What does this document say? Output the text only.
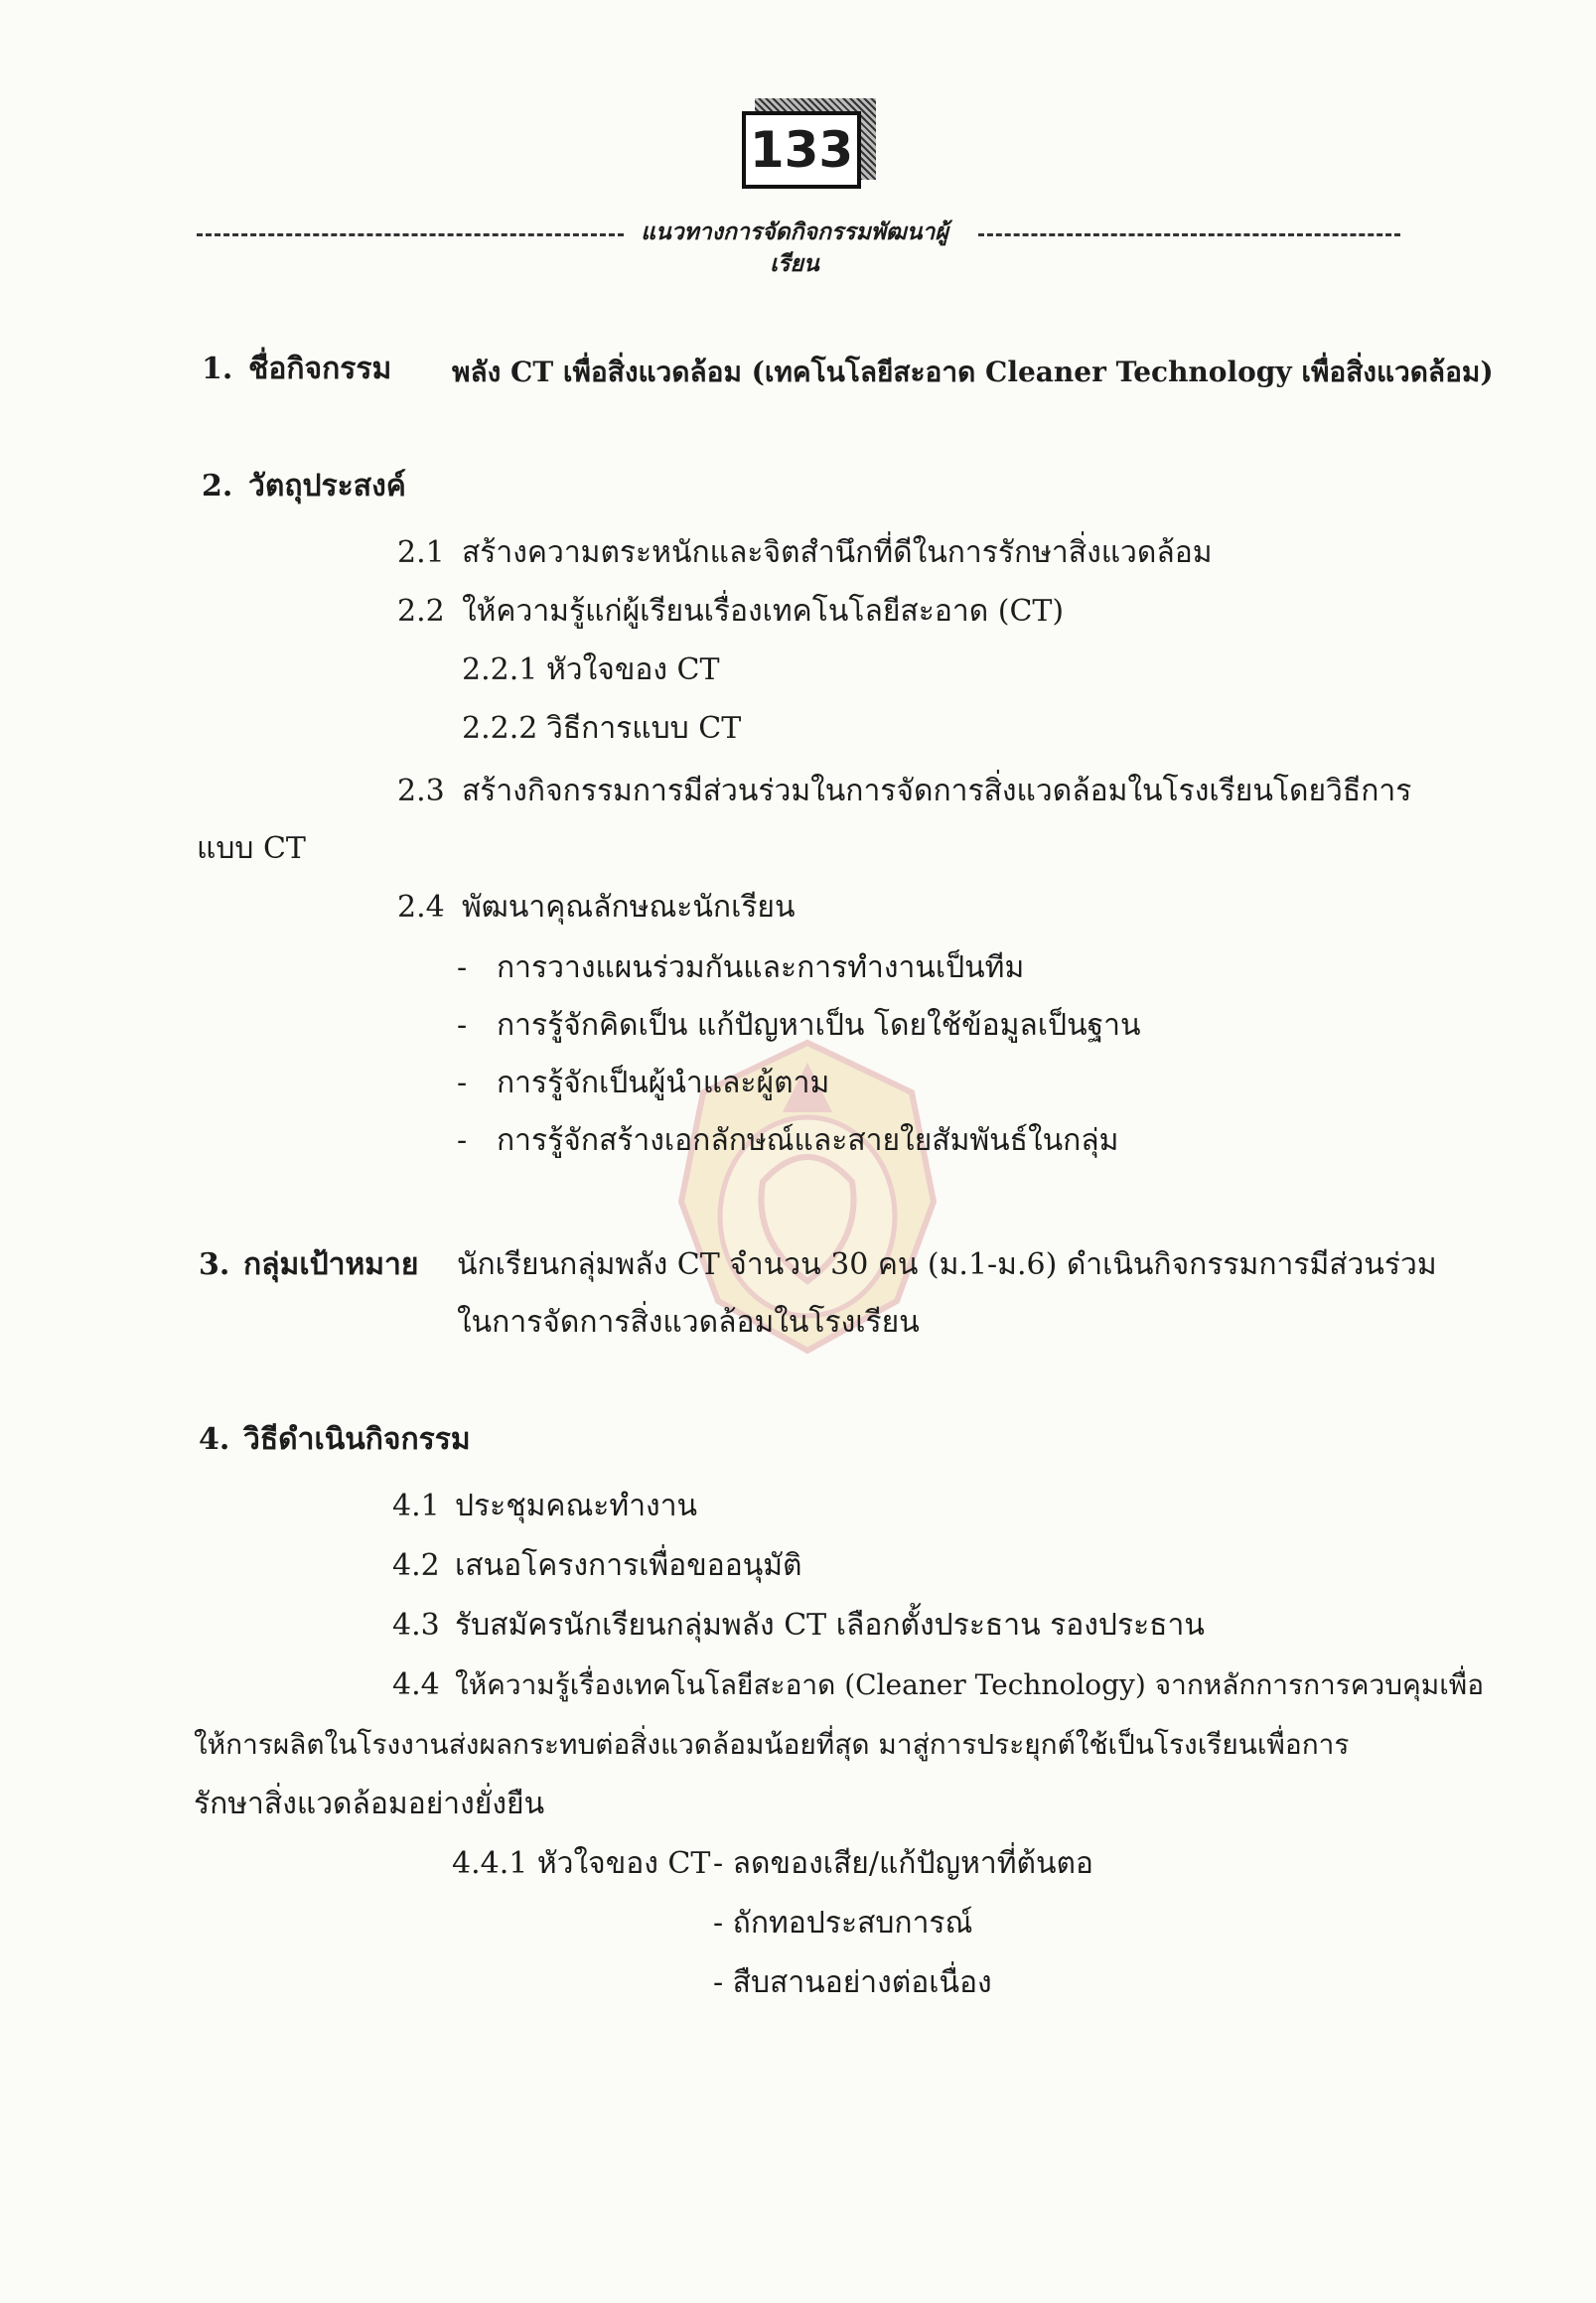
133
แนวทางการจัดกิจกรรมพัฒนาผู้เรียน
1. ชื่อกิจกรรม พลัง CT เพื่อสิ่งแวดล้อม (เทคโนโลยีสะอาด Cleaner Technology เพื่อสิ่งแวดล้อม)
2. วัตถุประสงค์
2.1 สร้างความตระหนักและจิตสำนึกที่ดีในการรักษาสิ่งแวดล้อม
2.2 ให้ความรู้แก่ผู้เรียนเรื่องเทคโนโลยีสะอาด (CT)
2.2.1 หัวใจของ CT
2.2.2 วิธีการแบบ CT
2.3 สร้างกิจกรรมการมีส่วนร่วมในการจัดการสิ่งแวดล้อมในโรงเรียนโดยวิธีการ
แบบ CT
2.4 พัฒนาคุณลักษณะนักเรียน
- การวางแผนร่วมกันและการทำงานเป็นทีม
- การรู้จักคิดเป็น แก้ปัญหาเป็น โดยใช้ข้อมูลเป็นฐาน
- การรู้จักเป็นผู้นำและผู้ตาม
- การรู้จักสร้างเอกลักษณ์และสายใยสัมพันธ์ในกลุ่ม
3. กลุ่มเป้าหมาย นักเรียนกลุ่มพลัง CT จำนวน 30 คน (ม.1-ม.6) ดำเนินกิจกรรมการมีส่วนร่วม
ในการจัดการสิ่งแวดล้อมในโรงเรียน
4. วิธีดำเนินกิจกรรม
4.1 ประชุมคณะทำงาน
4.2 เสนอโครงการเพื่อขออนุมัติ
4.3 รับสมัครนักเรียนกลุ่มพลัง CT เลือกตั้งประธาน รองประธาน
4.4 ให้ความรู้เรื่องเทคโนโลยีสะอาด (Cleaner Technology) จากหลักการการควบคุมเพื่อ
ให้การผลิตในโรงงานส่งผลกระทบต่อสิ่งแวดล้อมน้อยที่สุด มาสู่การประยุกต์ใช้เป็นโรงเรียนเพื่อการ
รักษาสิ่งแวดล้อมอย่างยั่งยืน
4.4.1 หัวใจของ CT - ลดของเสีย/แก้ปัญหาที่ต้นตอ
- ถักทอประสบการณ์
- สืบสานอย่างต่อเนื่อง
